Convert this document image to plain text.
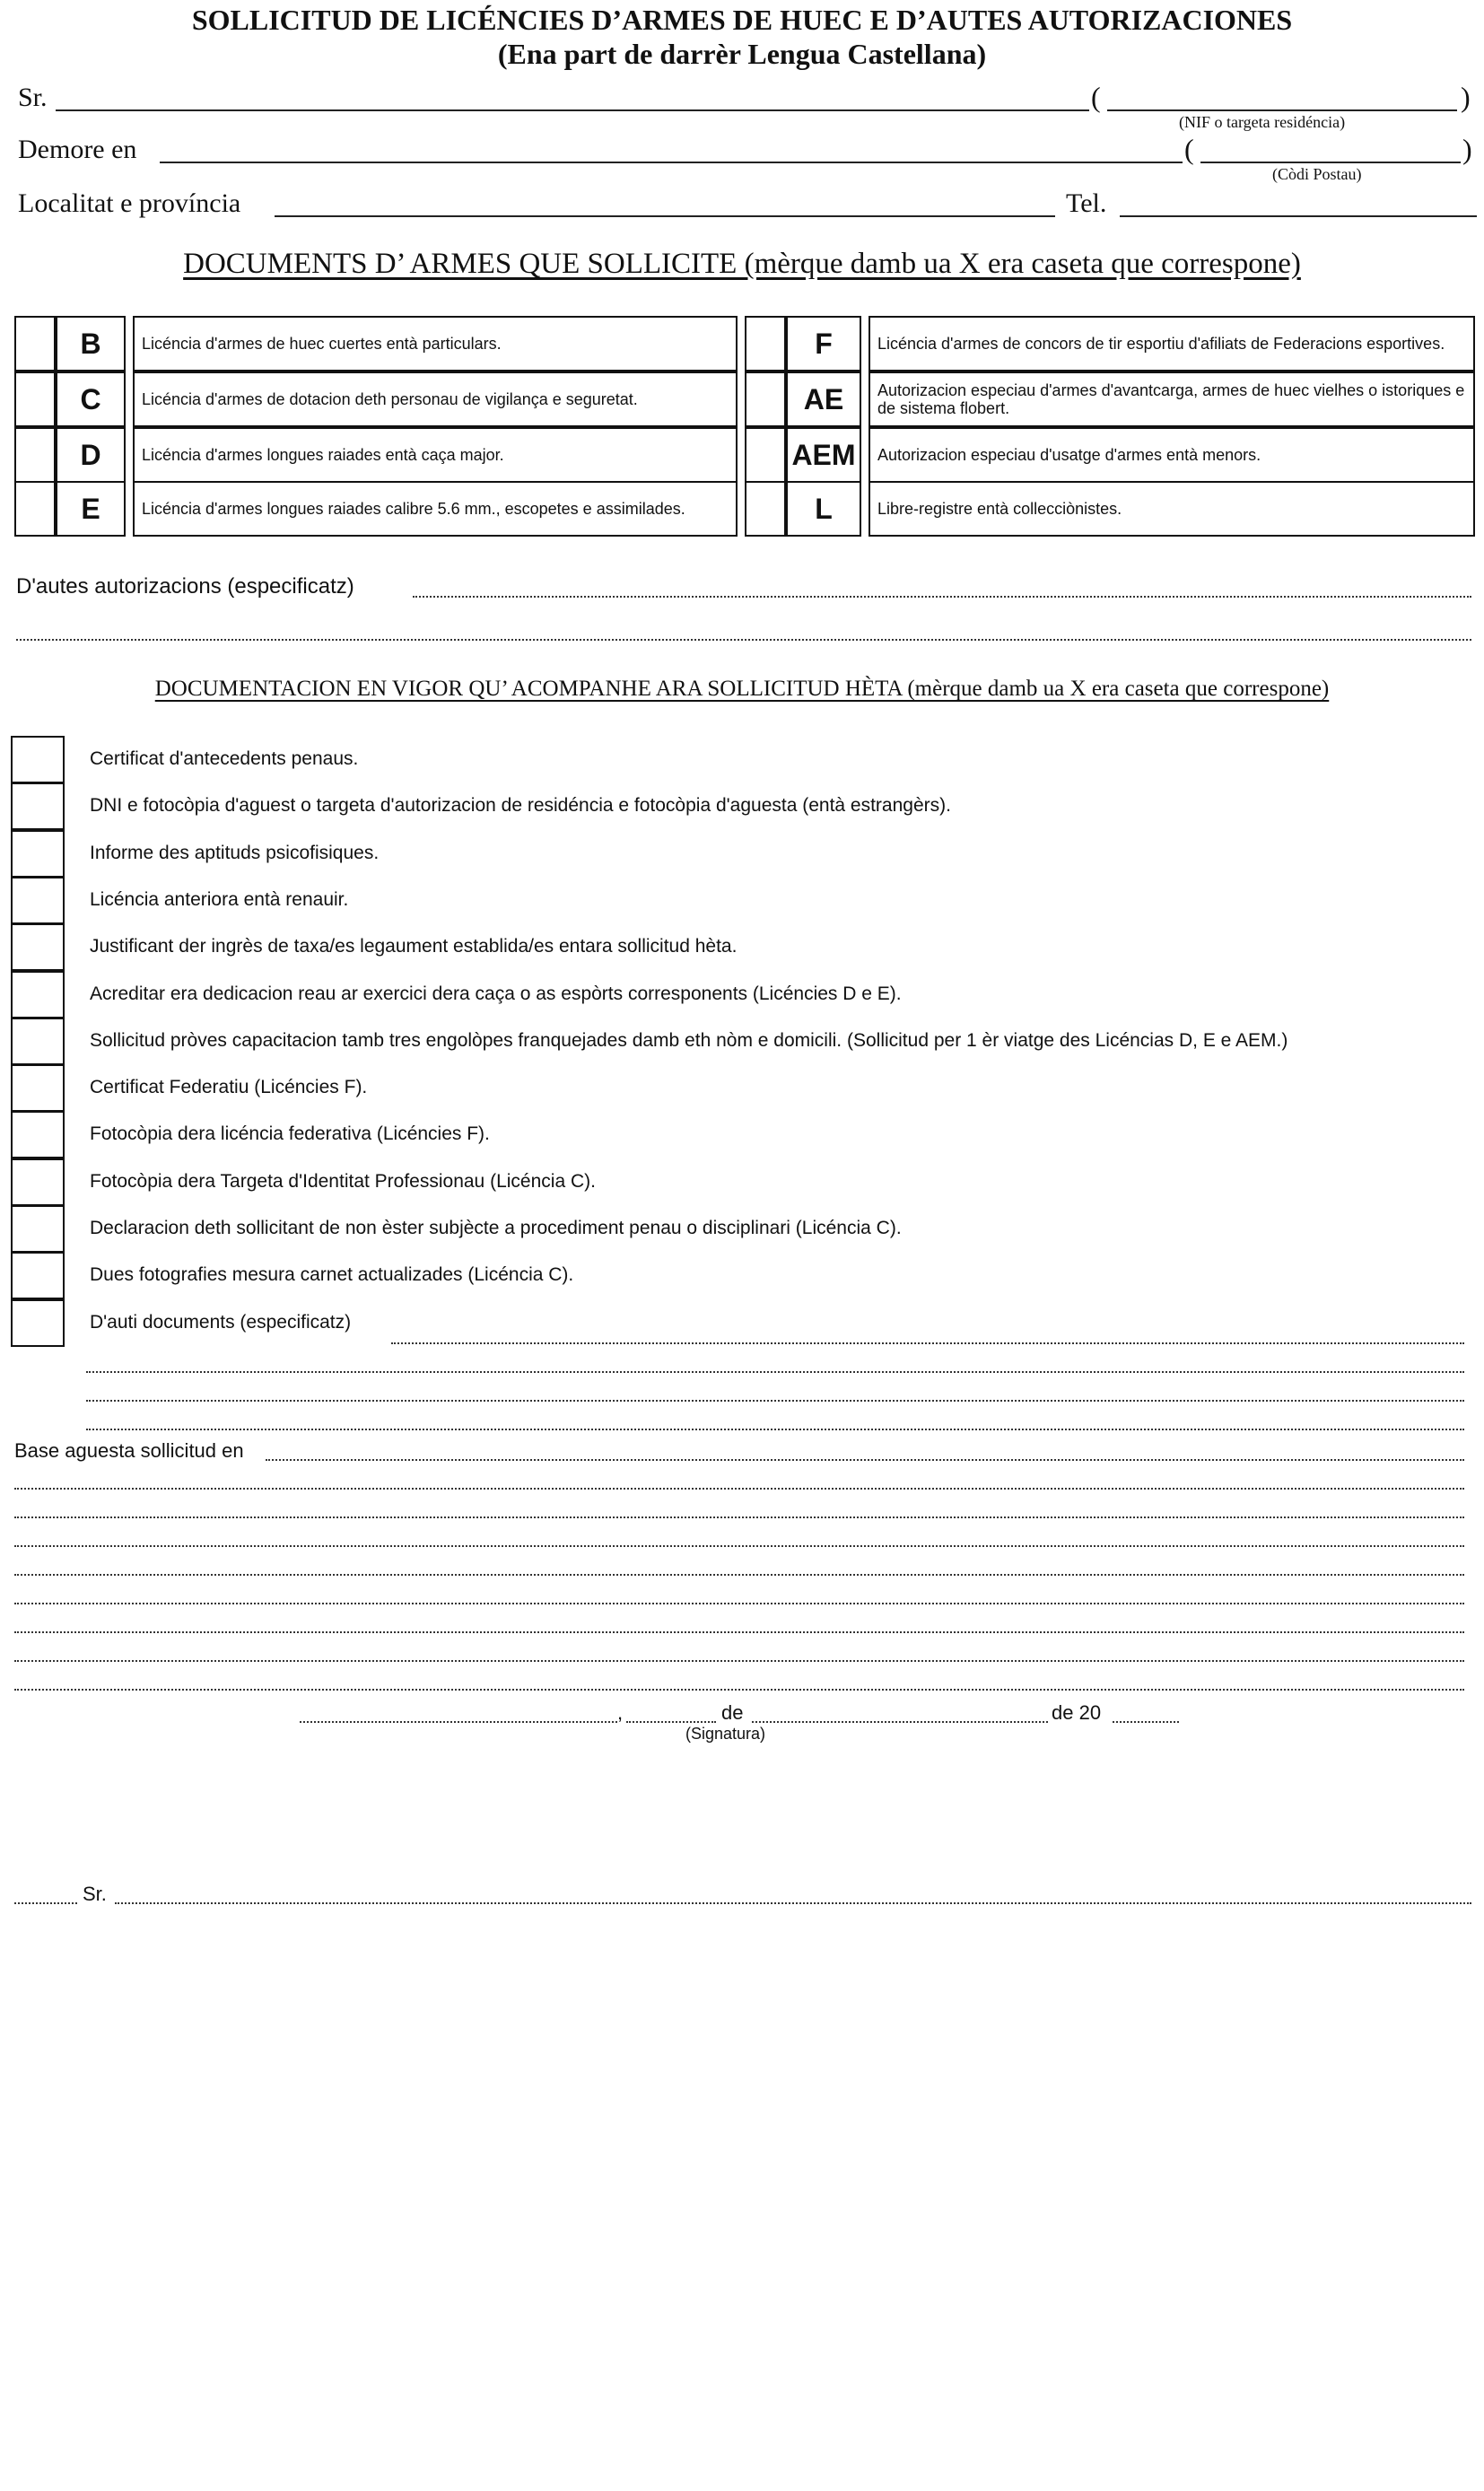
SOLLICITUD DE LICÉNCIES D’ARMES DE HUEC E D’AUTES AUTORIZACIONES
(Ena part de darrèr Lengua Castellana)
Sr.	(	)
(NIF o targeta residéncia)
Demore en	(	)
(Còdi Postau)
Localitat e província	Tel.
DOCUMENTS D’ ARMES QUE SOLLICITE (mèrque damb ua X era caseta que correspone)
B	Licéncia d'armes de huec cuertes entà particulars.
C	Licéncia d'armes de dotacion deth personau de vigilança e seguretat.
D	Licéncia d'armes longues raiades entà caça major.
E	Licéncia d'armes longues raiades calibre 5.6 mm., escopetes e assimilades.
F	Licéncia d'armes de concors de tir esportiu d'afiliats de Federacions esportives.
AE	Autorizacion especiau d'armes d'avantcarga, armes de huec vielhes o istoriques e de sistema flobert.
AEM	Autorizacion especiau d'usatge d'armes entà menors.
L	Libre-registre entà collecciònistes.
D'autes autorizacions (especificatz)
DOCUMENTACION EN VIGOR QU’ ACOMPANHE ARA SOLLICITUD HÈTA (mèrque damb ua X era caseta que correspone)
Certificat d'antecedents penaus.
DNI e fotocòpia d'aguest o targeta d'autorizacion de residéncia e fotocòpia d'aguesta (entà estrangèrs).
Informe des aptituds psicofisiques.
Licéncia anteriora entà renauir.
Justificant der ingrès de taxa/es legaument establida/es entara sollicitud hèta.
Acreditar era dedicacion reau ar exercici dera caça o as espòrts corresponents (Licéncies D e E).
Sollicitud pròves capacitacion tamb tres engolòpes franquejades damb eth nòm e domicili. (Sollicitud per 1 èr viatge des Licéncias D, E e AEM.)
Certificat Federatiu (Licéncies F).
Fotocòpia dera licéncia federativa (Licéncies F).
Fotocòpia dera Targeta d'Identitat Professionau (Licéncia C).
Declaracion deth sollicitant de non èster subjècte a procediment penau o disciplinari (Licéncia C).
Dues fotografies mesura carnet actualizades (Licéncia C).
D'auti documents (especificatz)
Base aguesta sollicitud en
,	de	de 20
(Signatura)
Sr.
